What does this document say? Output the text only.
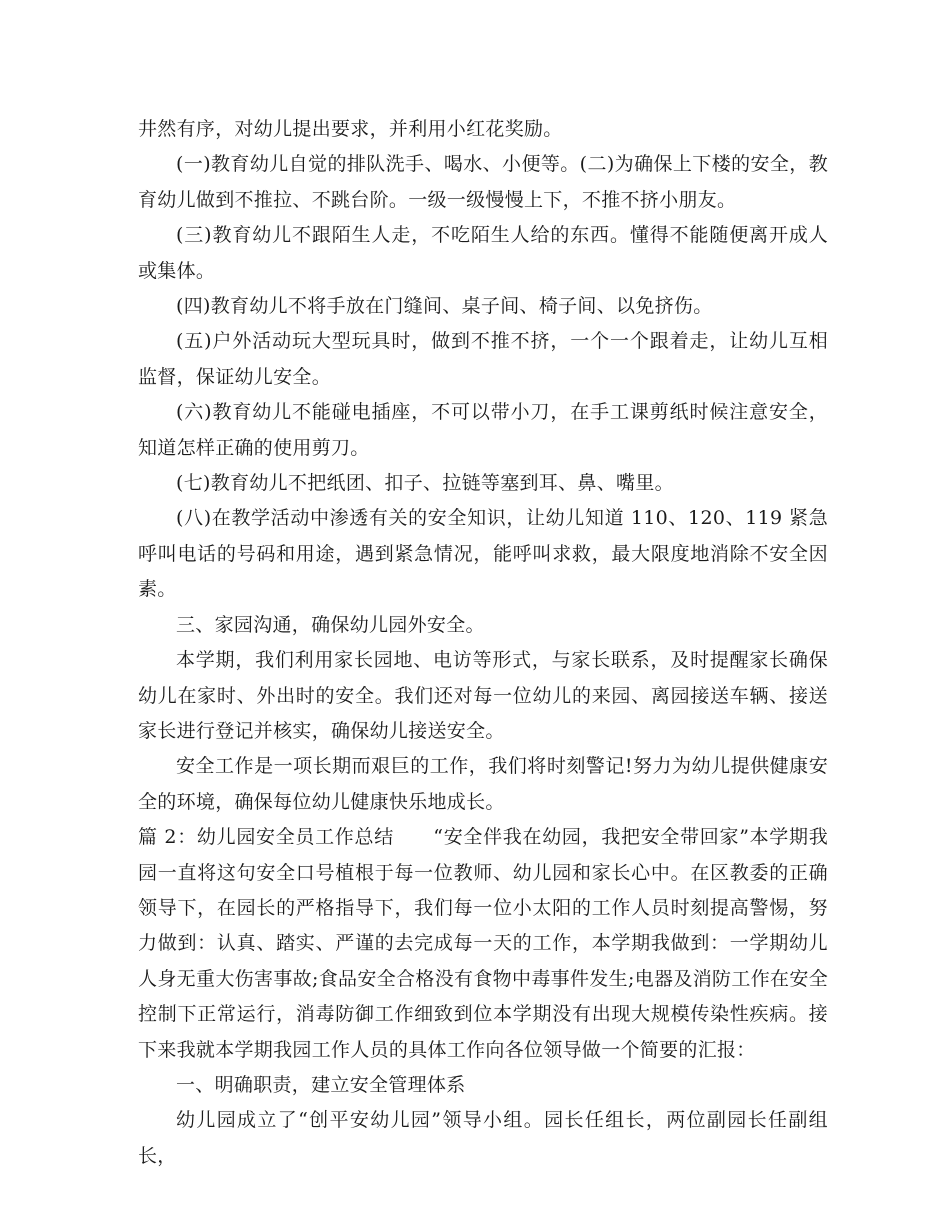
井然有序，对幼儿提出要求，并利用小红花奖励。

(一)教育幼儿自觉的排队洗手、喝水、小便等。(二)为确保上下楼的安全，教育幼儿做到不推拉、不跳台阶。一级一级慢慢上下，不推不挤小朋友。

(三)教育幼儿不跟陌生人走，不吃陌生人给的东西。懂得不能随便离开成人或集体。

(四)教育幼儿不将手放在门缝间、桌子间、椅子间、以免挤伤。

(五)户外活动玩大型玩具时，做到不推不挤，一个一个跟着走，让幼儿互相监督，保证幼儿安全。

(六)教育幼儿不能碰电插座，不可以带小刀，在手工课剪纸时候注意安全，知道怎样正确的使用剪刀。

(七)教育幼儿不把纸团、扣子、拉链等塞到耳、鼻、嘴里。

(八)在教学活动中渗透有关的安全知识，让幼儿知道 110、120、119 紧急呼叫电话的号码和用途，遇到紧急情况，能呼叫求救，最大限度地消除不安全因素。

三、家园沟通，确保幼儿园外安全。

本学期，我们利用家长园地、电访等形式，与家长联系，及时提醒家长确保幼儿在家时、外出时的安全。我们还对每一位幼儿的来园、离园接送车辆、接送家长进行登记并核实，确保幼儿接送安全。

安全工作是一项长期而艰巨的工作，我们将时刻警记!努力为幼儿提供健康安全的环境，确保每位幼儿健康快乐地成长。

篇 2：幼儿园安全员工作总结　　“安全伴我在幼园，我把安全带回家”本学期我园一直将这句安全口号植根于每一位教师、幼儿园和家长心中。在区教委的正确领导下，在园长的严格指导下，我们每一位小太阳的工作人员时刻提高警惕，努力做到：认真、踏实、严谨的去完成每一天的工作，本学期我做到：一学期幼儿人身无重大伤害事故;食品安全合格没有食物中毒事件发生;电器及消防工作在安全控制下正常运行，消毒防御工作细致到位本学期没有出现大规模传染性疾病。接下来我就本学期我园工作人员的具体工作向各位领导做一个简要的汇报：

一、明确职责，建立安全管理体系

幼儿园成立了“创平安幼儿园”领导小组。园长任组长，两位副园长任副组长，
